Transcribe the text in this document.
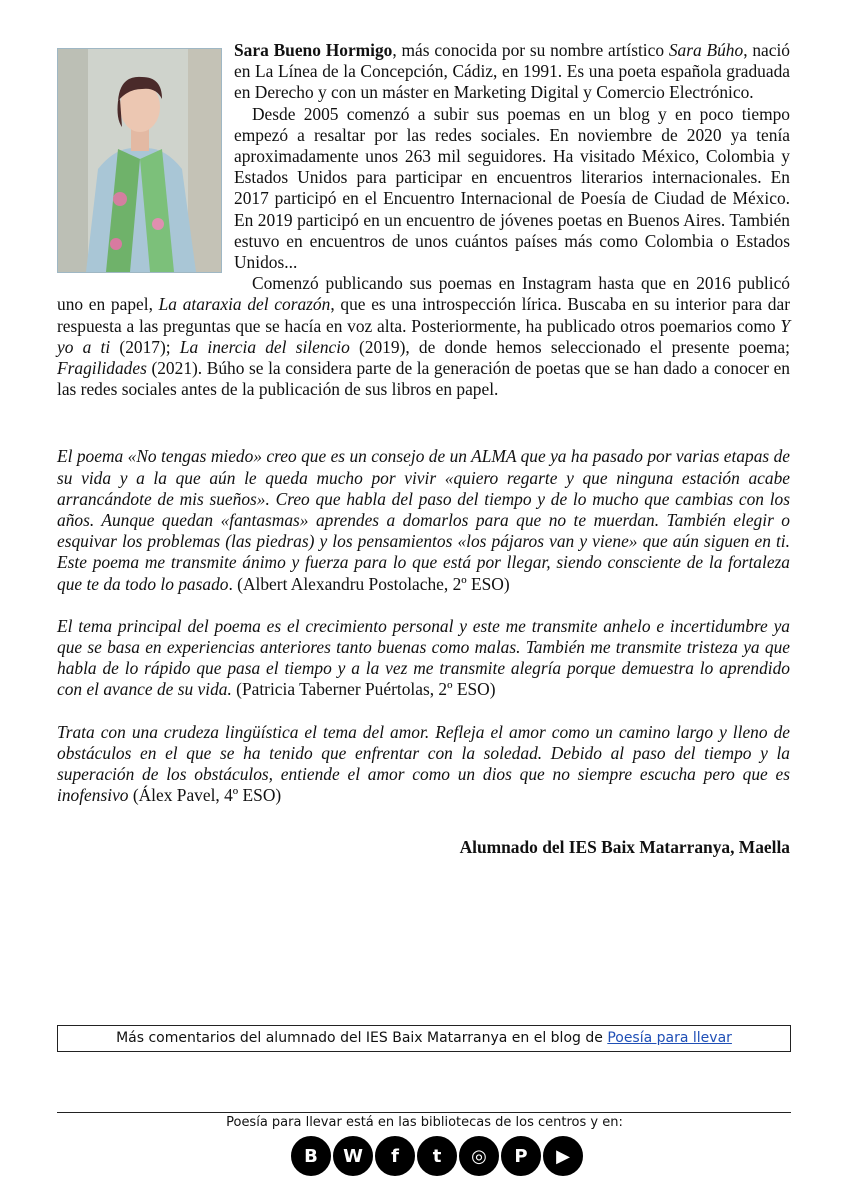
Sara Bueno Hormigo, más conocida por su nombre artístico Sara Búho, nació en La Línea de la Concepción, Cádiz, en 1991. Es una poeta española graduada en Derecho y con un máster en Marketing Digital y Comercio Electrónico.

Desde 2005 comenzó a subir sus poemas en un blog y en poco tiempo empezó a resaltar por las redes sociales. En noviembre de 2020 ya tenía aproximadamente unos 263 mil seguidores. Ha visitado México, Colombia y Estados Unidos para participar en encuentros literarios internacionales. En 2017 participó en el Encuentro Internacional de Poesía de Ciudad de México. En 2019 participó en un encuentro de jóvenes poetas en Buenos Aires. También estuvo en encuentros de unos cuántos países más como Colombia o Estados Unidos...

Comenzó publicando sus poemas en Instagram hasta que en 2016 publicó uno en papel, La ataraxia del corazón, que es una introspección lírica. Buscaba en su interior para dar respuesta a las preguntas que se hacía en voz alta. Posteriormente, ha publicado otros poemarios como Y yo a ti (2017); La inercia del silencio (2019), de donde hemos seleccionado el presente poema; Fragilidades (2021). Búho se la considera parte de la generación de poetas que se han dado a conocer en las redes sociales antes de la publicación de sus libros en papel.

El poema «No tengas miedo» creo que es un consejo de un ALMA que ya ha pasado por varias etapas de su vida y a la que aún le queda mucho por vivir «quiero regarte y que ninguna estación acabe arrancándote de mis sueños». Creo que habla del paso del tiempo y de lo mucho que cambias con los años. Aunque quedan «fantasmas» aprendes a domarlos para que no te muerdan. También elegir o esquivar los problemas (las piedras) y los pensamientos «los pájaros van y viene» que aún siguen en ti. Este poema me transmite ánimo y fuerza para lo que está por llegar, siendo consciente de la fortaleza que te da todo lo pasado. (Albert Alexandru Postolache, 2º ESO)

El tema principal del poema es el crecimiento personal y este me transmite anhelo e incertidumbre ya que se basa en experiencias anteriores tanto buenas como malas. También me transmite tristeza ya que habla de lo rápido que pasa el tiempo y a la vez me transmite alegría porque demuestra lo aprendido con el avance de su vida. (Patricia Taberner Puértolas, 2º ESO)

Trata con una crudeza lingüística el tema del amor. Refleja el amor como un camino largo y lleno de obstáculos en el que se ha tenido que enfrentar con la soledad. Debido al paso del tiempo y la superación de los obstáculos, entiende el amor como un dios que no siempre escucha pero que es inofensivo (Álex Pavel, 4º ESO)

Alumnado del IES Baix Matarranya, Maella
Más comentarios del alumnado del IES Baix Matarranya en el blog de Poesía para llevar
Poesía para llevar está en las bibliotecas de los centros y en:
B	W	f	t	◎	P	▶
